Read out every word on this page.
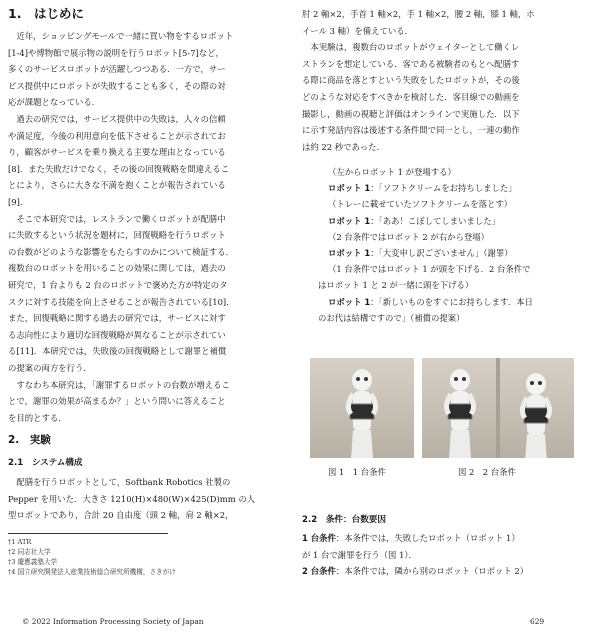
1.　はじめに
　近年，ショッピングモールで一緒に買い物をするロボット
[1-4]や博物館で展示物の説明を行うロボット[5-7]など，
多くのサービスロボットが活躍しつつある．一方で，サー
ビス提供中にロボットが失敗することも多く，その際の対
応が課題となっている．
　過去の研究では，サービス提供中の失敗は，人々の信頼
や満足度，今後の利用意向を低下させることが示されてお
り，顧客がサービスを乗り換える主要な理由となっている
[8]．また失敗だけでなく，その後の回復戦略を間違えるこ
とにより，さらに大きな不満を抱くことが報告されている
[9]．
　そこで本研究では，レストランで働くロボットが配膳中
に失敗するという状況を題材に，回復戦略を行うロボット
の台数がどのような影響をもたらすのかについて検証する．
複数台のロボットを用いることの効果に関しては，過去の
研究で，1 台よりも 2 台のロボットで褒めた方が特定のタ
スクに対する技能を向上させることが報告されている[10]．
また，回復戦略に関する過去の研究では，サービスに対す
る志向性により適切な回復戦略が異なることが示されてい
る[11]．本研究では，失敗後の回復戦略として謝罪と補償
の提案の両方を行う．
　すなわち本研究は，「謝罪するロボットの台数が増えるこ
とで，謝罪の効果が高まるか？」という問いに答えること
を目的とする．
2.　実験
2.1　システム構成
　配膳を行うロボットとして，Softbank Robotics 社製の
Pepper を用いた．大きさ 1210(H)×480(W)×425(D)mm の人
型ロボットであり，合計 20 自由度（頭 2 軸，肩 2 軸×2，
†1 ATR
†2 同志社大学
†3 慶應義塾大学
†4 国立研究開発法人産業技術総合研究所機構，さきがけ
肘 2 軸×2，手首 1 軸×2，手 1 軸×2，腰 2 軸，膝 1 軸，ホ
イール 3 軸）を備えている．
　本実験は，複数台のロボットがウェイターとして働くレ
ストランを想定している．客である被験者のもとへ配膳す
る際に商品を落とすという失敗をしたロボットが，その後
どのような対応をすべきかを検討した．客目線での動画を
撮影し，動画の視聴と評価はオンラインで実施した．以下
に示す発話内容は後述する条件間で同一とし，一連の動作
は約 22 秒であった．
（左からロボット 1 が登場する）
ロボット 1：「ソフトクリームをお持ちしました」
（トレーに載せていたソフトクリームを落とす）
ロボット 1：「ああ！こぼしてしまいました」
（2 台条件ではロボット 2 が右から登場）
ロボット 1：「大変申し訳ございません」（謝罪）
（1 台条件ではロボット 1 が頭を下げる．2 台条件で
はロボット 1 と 2 が一緒に頭を下げる）
ロボット 1：「新しいものをすぐにお持ちします．本日
のお代は結構ですので」（補償の提案）
図 1　1 台条件	図 2　2 台条件
2.2　条件：台数要因
1 台条件：本条件では，失敗したロボット（ロボット 1）
が 1 台で謝罪を行う（図 1）．
2 台条件：本条件では，隣から別のロボット（ロボット 2）
© 2022 Information Processing Society of Japan	629
